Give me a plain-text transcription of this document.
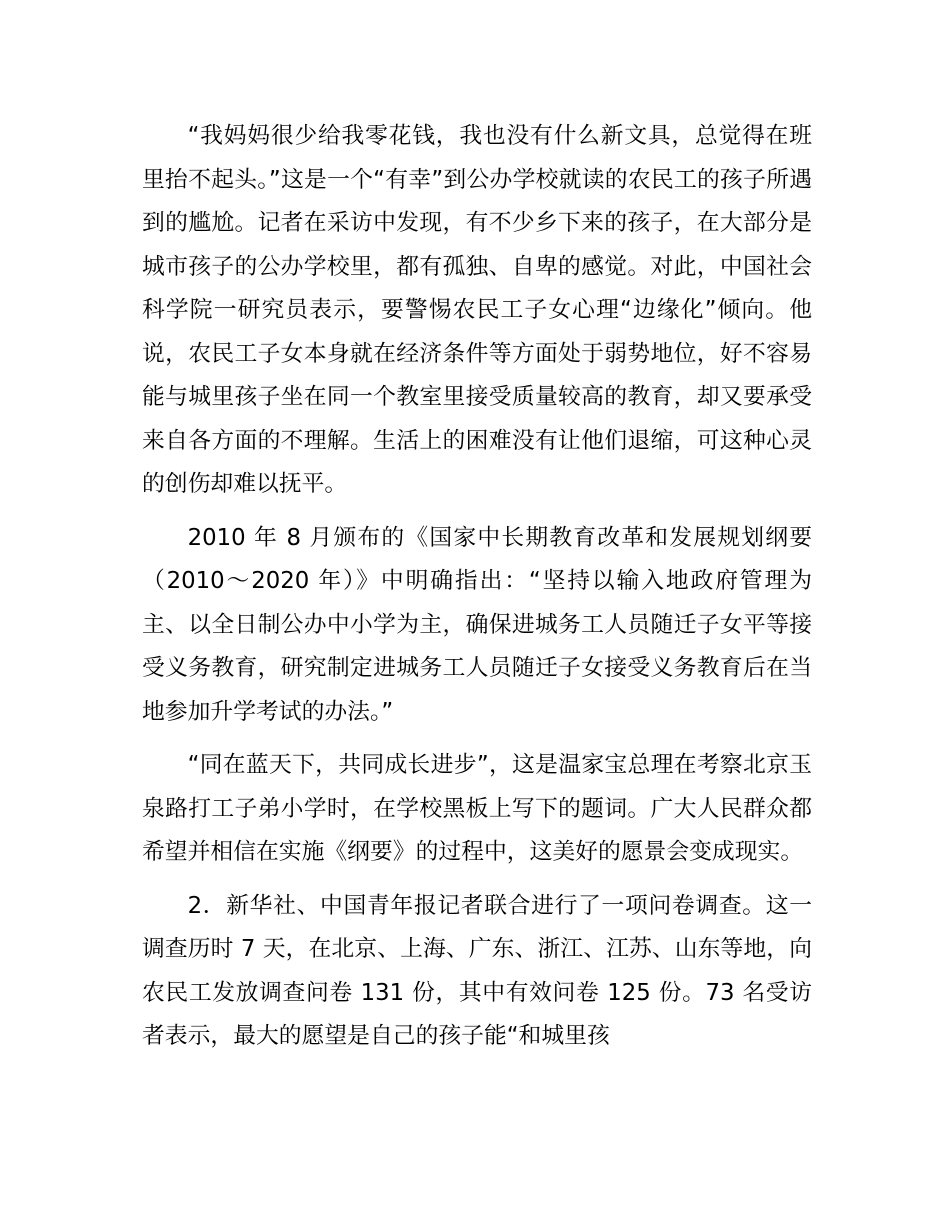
“我妈妈很少给我零花钱，我也没有什么新文具，总觉得在班里抬不起头。”这是一个“有幸”到公办学校就读的农民工的孩子所遇到的尴尬。记者在采访中发现，有不少乡下来的孩子，在大部分是城市孩子的公办学校里，都有孤独、自卑的感觉。对此，中国社会科学院一研究员表示，要警惕农民工子女心理“边缘化”倾向。他说，农民工子女本身就在经济条件等方面处于弱势地位，好不容易能与城里孩子坐在同一个教室里接受质量较高的教育，却又要承受来自各方面的不理解。生活上的困难没有让他们退缩，可这种心灵的创伤却难以抚平。

2010 年 8 月颁布的《国家中长期教育改革和发展规划纲要（2010～2020 年）》中明确指出：“坚持以输入地政府管理为主、以全日制公办中小学为主，确保进城务工人员随迁子女平等接受义务教育，研究制定进城务工人员随迁子女接受义务教育后在当地参加升学考试的办法。”

“同在蓝天下，共同成长进步”，这是温家宝总理在考察北京玉泉路打工子弟小学时，在学校黑板上写下的题词。广大人民群众都希望并相信在实施《纲要》的过程中，这美好的愿景会变成现实。

2．新华社、中国青年报记者联合进行了一项问卷调查。这一调查历时 7 天，在北京、上海、广东、浙江、江苏、山东等地，向农民工发放调查问卷 131 份，其中有效问卷 125 份。73 名受访者表示，最大的愿望是自己的孩子能“和城里孩
